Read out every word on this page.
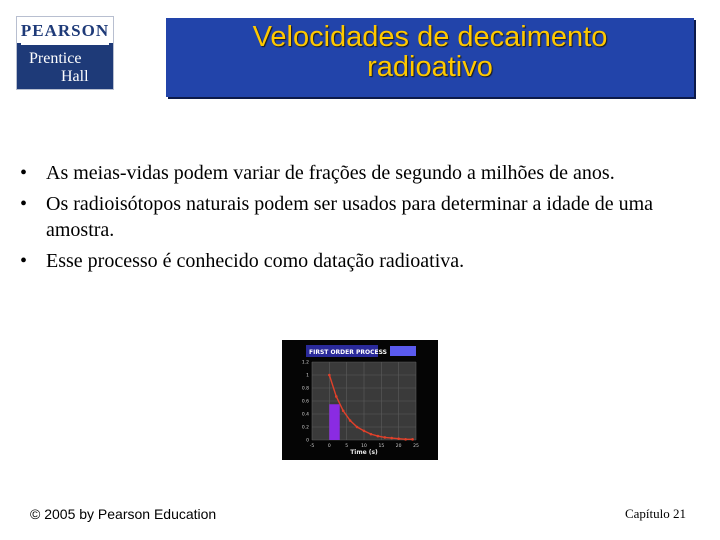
PEARSON
Prentice
Hall
Velocidades de decaimento
radioativo
• As meias-vidas podem variar de frações de segundo a milhões de anos.
• Os radioisótopos naturais podem ser usados para determinar a idade de uma amostra.
• Esse processo é conhecido como datação radioativa.
FIRST ORDER PROCESS
-5	0	5	10	15	20	25
1.2
1
0.8
0.6
0.4
0.2
0
Time (s)
© 2005 by Pearson Education	Capítulo 21
